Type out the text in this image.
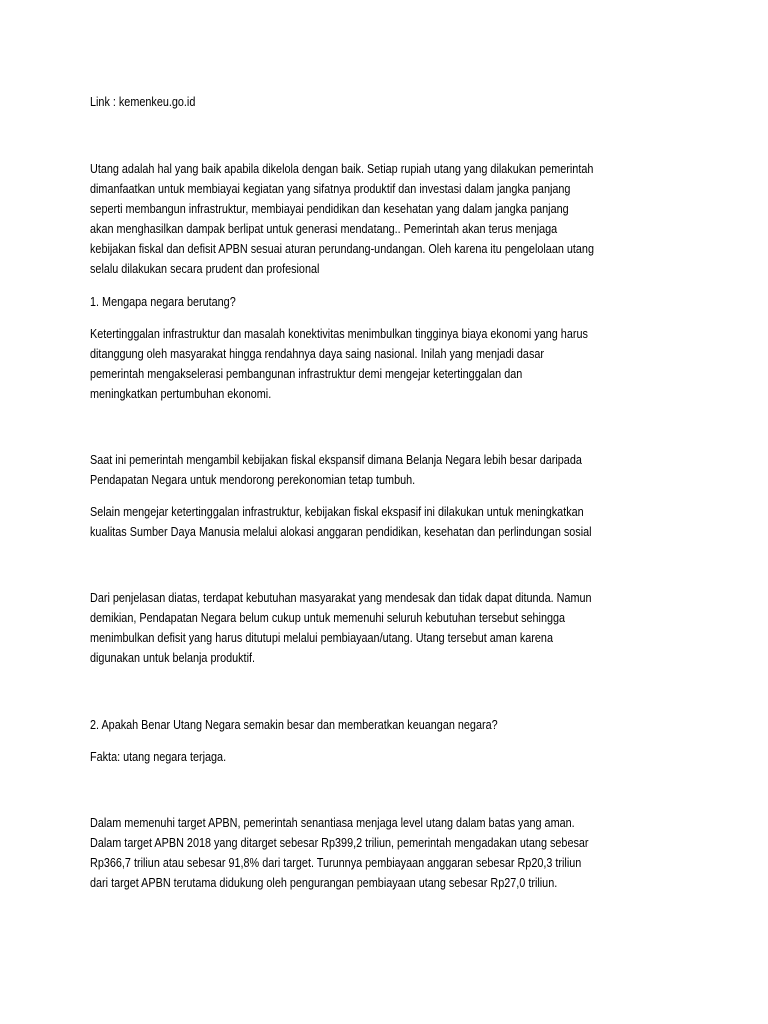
Link : kemenkeu.go.id

Utang adalah hal yang baik apabila dikelola dengan baik. Setiap rupiah utang yang dilakukan pemerintah

dimanfaatkan untuk membiayai kegiatan yang sifatnya produktif dan investasi dalam jangka panjang

seperti membangun infrastruktur, membiayai pendidikan dan kesehatan yang dalam jangka panjang

akan menghasilkan dampak berlipat untuk generasi mendatang.. Pemerintah akan terus menjaga

kebijakan fiskal dan defisit APBN sesuai aturan perundang-undangan. Oleh karena itu pengelolaan utang

selalu dilakukan secara prudent dan profesional

1. Mengapa negara berutang?

Ketertinggalan infrastruktur dan masalah konektivitas menimbulkan tingginya biaya ekonomi yang harus

ditanggung oleh masyarakat hingga rendahnya daya saing nasional. Inilah yang menjadi dasar

pemerintah mengakselerasi pembangunan infrastruktur demi mengejar ketertinggalan dan

meningkatkan pertumbuhan ekonomi.

Saat ini pemerintah mengambil kebijakan fiskal ekspansif dimana Belanja Negara lebih besar daripada

Pendapatan Negara untuk mendorong perekonomian tetap tumbuh.

Selain mengejar ketertinggalan infrastruktur, kebijakan fiskal ekspasif ini dilakukan untuk meningkatkan

kualitas Sumber Daya Manusia melalui alokasi anggaran pendidikan, kesehatan dan perlindungan sosial

Dari penjelasan diatas, terdapat kebutuhan masyarakat yang mendesak dan tidak dapat ditunda. Namun

demikian, Pendapatan Negara belum cukup untuk memenuhi seluruh kebutuhan tersebut sehingga

menimbulkan defisit yang harus ditutupi melalui pembiayaan/utang. Utang tersebut aman karena

digunakan untuk belanja produktif.

2. Apakah Benar Utang Negara semakin besar dan memberatkan keuangan negara?

Fakta: utang negara terjaga.

Dalam memenuhi target APBN, pemerintah senantiasa menjaga level utang dalam batas yang aman.

Dalam target APBN 2018 yang ditarget sebesar Rp399,2 triliun, pemerintah mengadakan utang sebesar

Rp366,7 triliun atau sebesar 91,8% dari target. Turunnya pembiayaan anggaran sebesar Rp20,3 triliun

dari target APBN terutama didukung oleh pengurangan pembiayaan utang sebesar Rp27,0 triliun.
